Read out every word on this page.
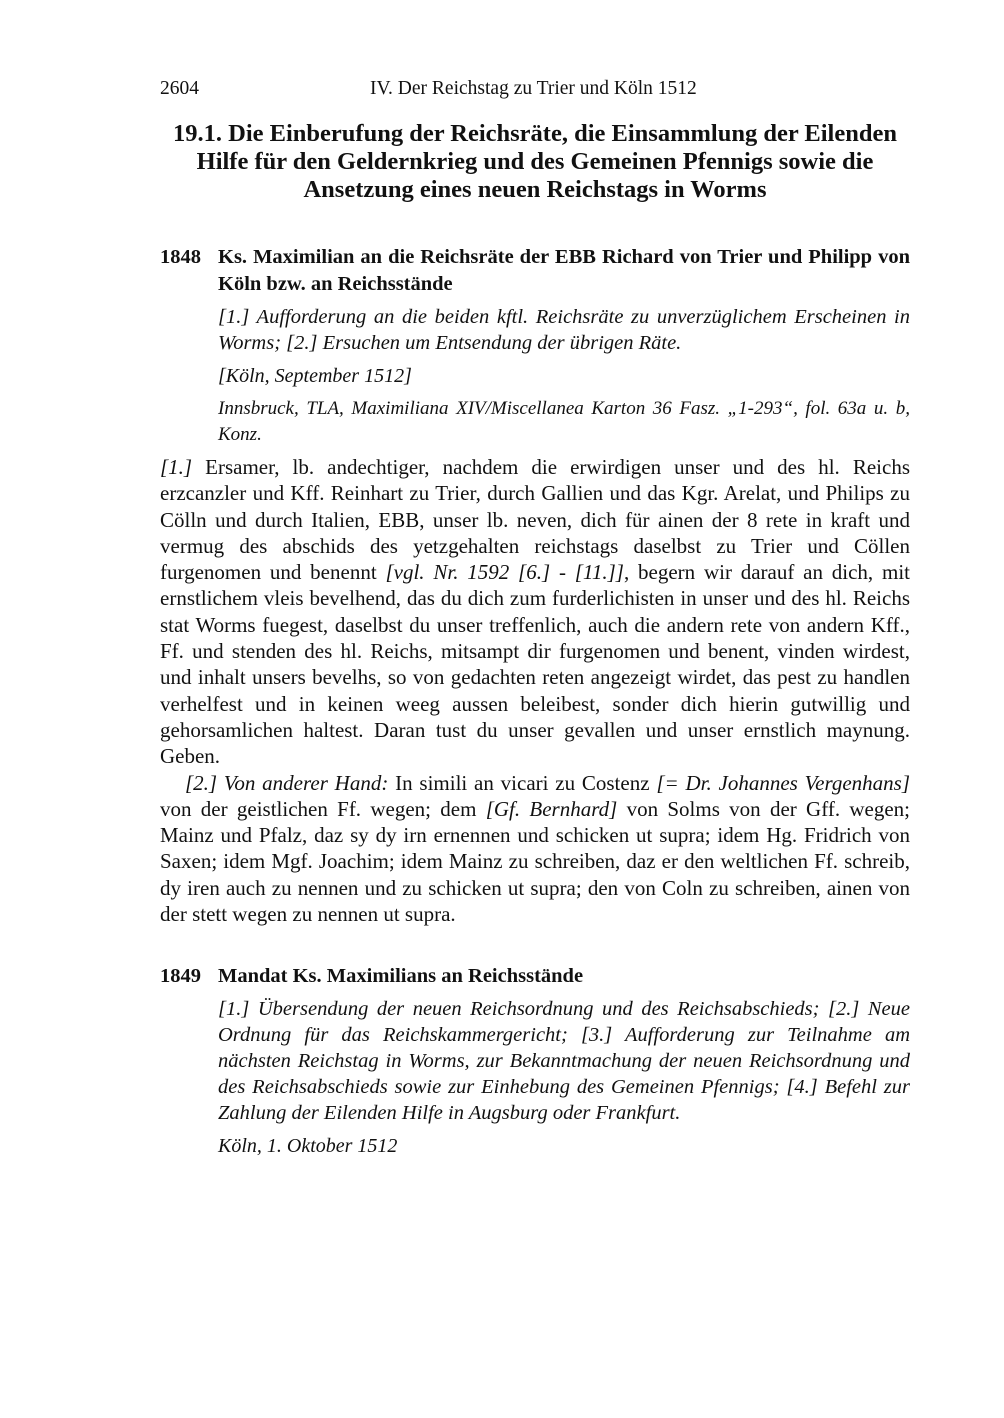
2604	IV. Der Reichstag zu Trier und Köln 1512
19.1. Die Einberufung der Reichsräte, die Einsammlung der Eilenden Hilfe für den Geldernkrieg und des Gemeinen Pfennigs sowie die Ansetzung eines neuen Reichstags in Worms
1848 Ks. Maximilian an die Reichsräte der EBB Richard von Trier und Philipp von Köln bzw. an Reichsstände
[1.] Aufforderung an die beiden kftl. Reichsräte zu unverzüglichem Erscheinen in Worms; [2.] Ersuchen um Entsendung der übrigen Räte.
[Köln, September 1512]
Innsbruck, TLA, Maximiliana XIV/Miscellanea Karton 36 Fasz. „1-293“, fol. 63a u. b, Konz.

[1.] Ersamer, lb. andechtiger, nachdem die erwirdigen unser und des hl. Reichs erzcanzler und Kff. Reinhart zu Trier, durch Gallien und das Kgr. Arelat, und Philips zu Cölln und durch Italien, EBB, unser lb. neven, dich für ainen der 8 rete in kraft und vermug des abschids des yetzgehalten reichstags daselbst zu Trier und Cöllen furgenomen und benennt [vgl. Nr. 1592 [6.] - [11.]], begern wir darauf an dich, mit ernstlichem vleis bevelhend, das du dich zum furderlichisten in unser und des hl. Reichs stat Worms fuegest, daselbst du unser treffenlich, auch die andern rete von andern Kff., Ff. und stenden des hl. Reichs, mitsampt dir furgenomen und benent, vinden wirdest, und inhalt unsers bevelhs, so von gedachten reten angezeigt wirdet, das pest zu handlen verhelfest und in keinen weeg aussen beleibest, sonder dich hierin gutwillig und gehorsamlichen haltest. Daran tust du unser gevallen und unser ernstlich maynung. Geben.

[2.] Von anderer Hand: In simili an vicari zu Costenz [= Dr. Johannes Vergenhans] von der geistlichen Ff. wegen; dem [Gf. Bernhard] von Solms von der Gff. wegen; Mainz und Pfalz, daz sy dy irn ernennen und schicken ut supra; idem Hg. Fridrich von Saxen; idem Mgf. Joachim; idem Mainz zu schreiben, daz er den weltlichen Ff. schreib, dy iren auch zu nennen und zu schicken ut supra; den von Coln zu schreiben, ainen von der stett wegen zu nennen ut supra.

1849 Mandat Ks. Maximilians an Reichsstände
[1.] Übersendung der neuen Reichsordnung und des Reichsabschieds; [2.] Neue Ordnung für das Reichskammergericht; [3.] Aufforderung zur Teilnahme am nächsten Reichstag in Worms, zur Bekanntmachung der neuen Reichsordnung und des Reichsabschieds sowie zur Einhebung des Gemeinen Pfennigs; [4.] Befehl zur Zahlung der Eilenden Hilfe in Augsburg oder Frankfurt.
Köln, 1. Oktober 1512
